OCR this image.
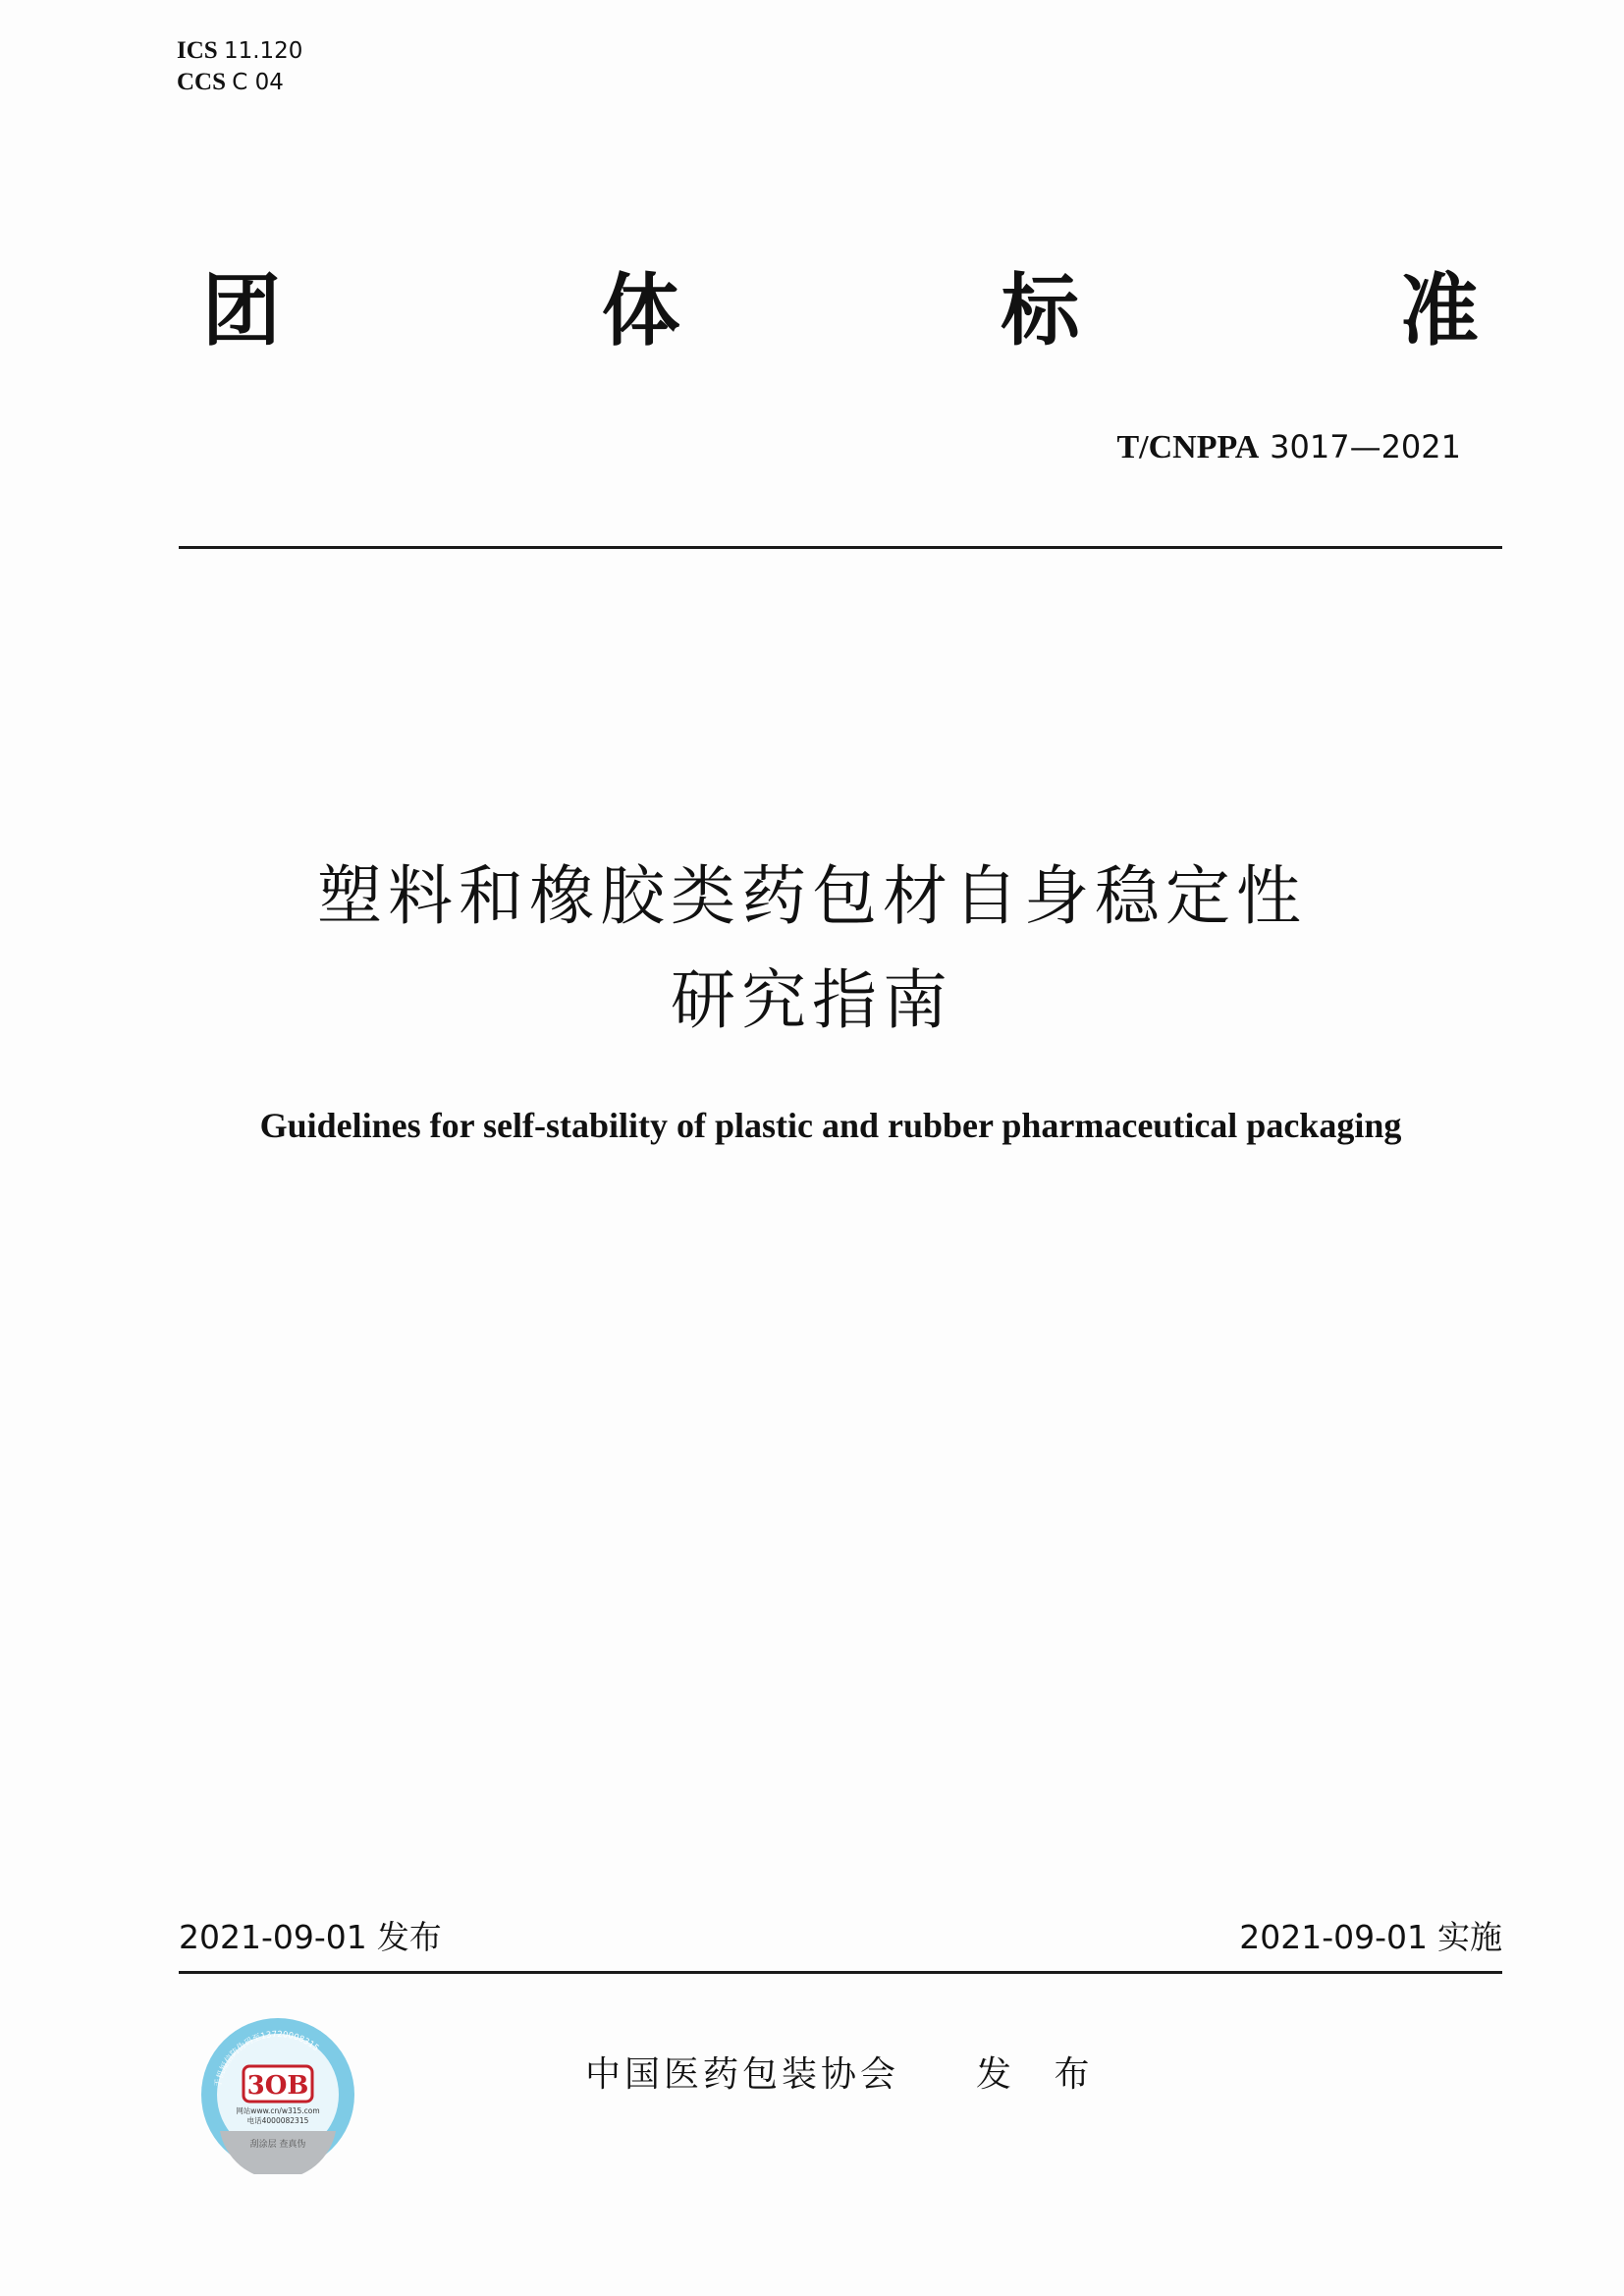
ICS 11.120
CCS C 04
团	体	标	准
T/CNPPA 3017—2021
塑料和橡胶类药包材自身稳定性
研究指南
Guidelines for self-stability of plastic and rubber pharmaceutical packaging
2021-09-01 发布	2021-09-01 实施
手机短信防伪码至13720008315
3OB
网站www.cn/w315.com
电话4000082315
刮涂层 查真伪
中国医药包装协会 发 布
